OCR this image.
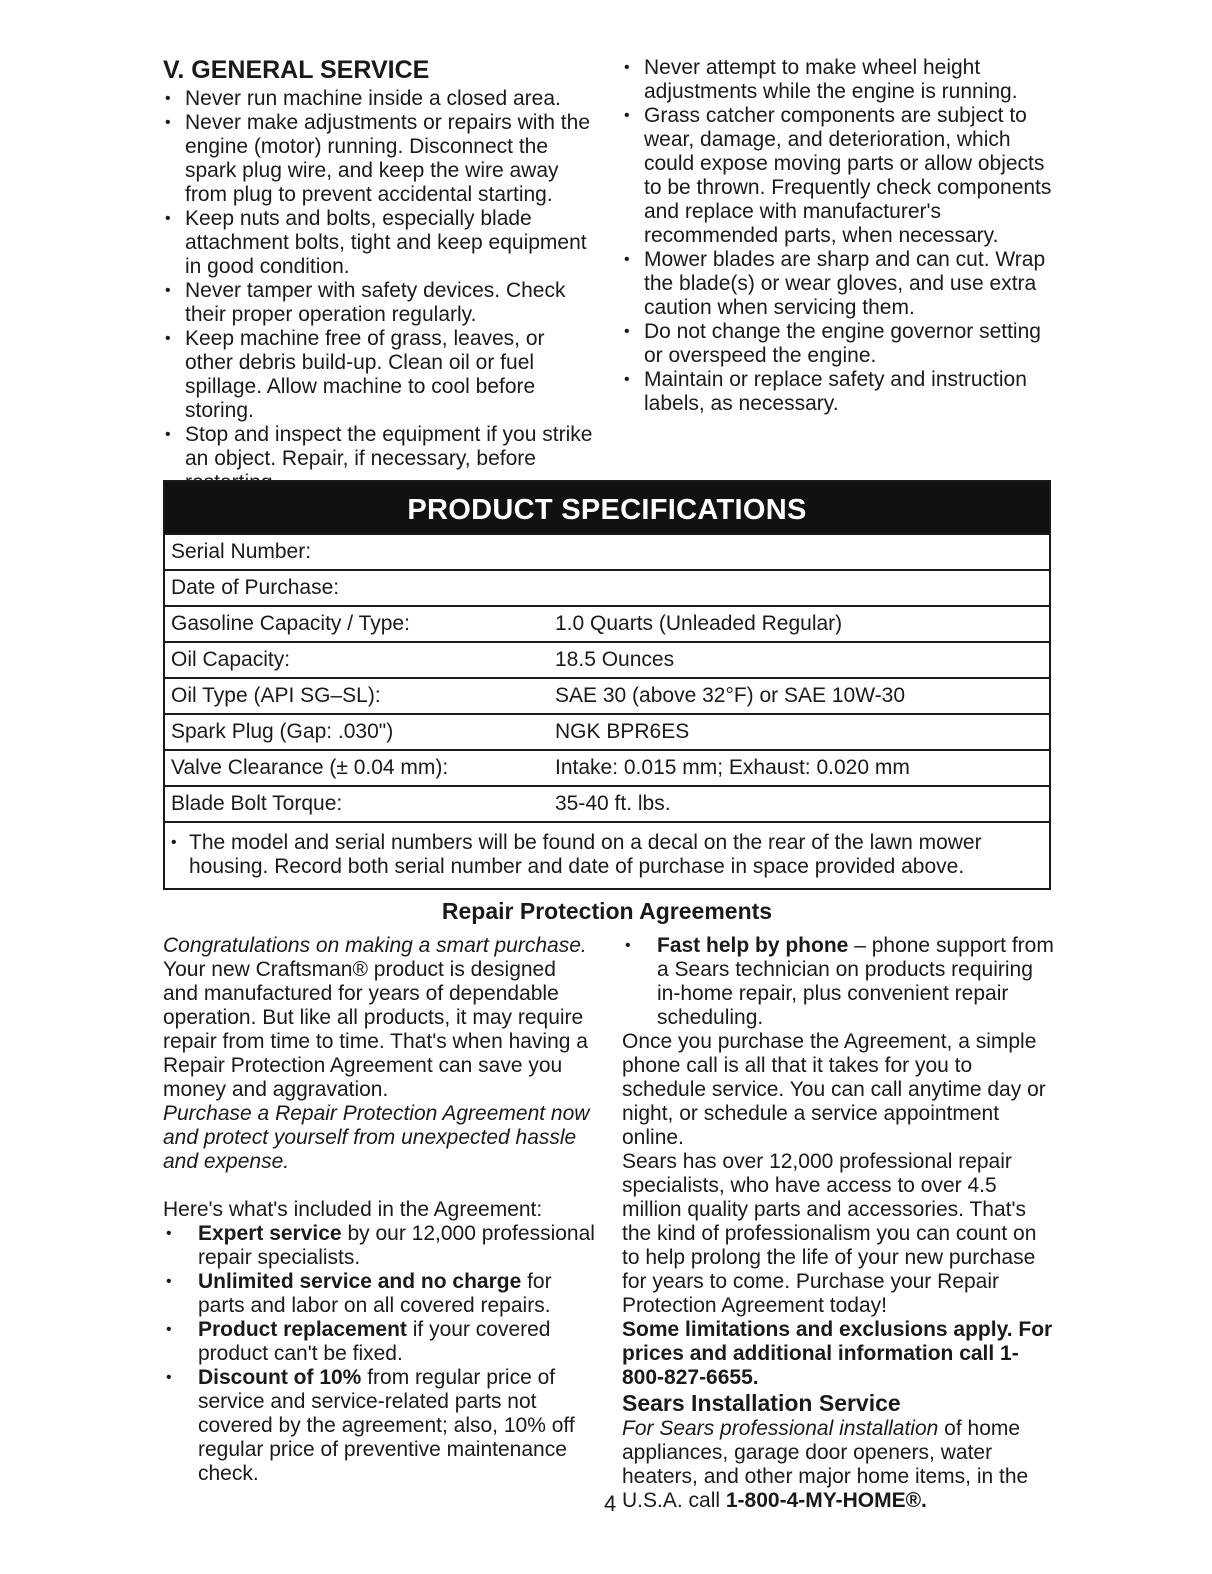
V. GENERAL SERVICE
• Never run machine inside a closed area.
• Never make adjustments or repairs with the engine (motor) running. Disconnect the spark plug wire, and keep the wire away from plug to prevent accidental starting.
• Keep nuts and bolts, especially blade attachment bolts, tight and keep equipment in good condition.
• Never tamper with safety devices. Check their proper operation regularly.
• Keep machine free of grass, leaves, or other debris build-up. Clean oil or fuel spillage. Allow machine to cool before storing.
• Stop and inspect the equipment if you strike an object. Repair, if necessary, before
• Never attempt to make wheel height adjustments while the engine is running.
• Grass catcher components are subject to wear, damage, and deterioration, which could expose moving parts or allow objects to be thrown. Frequently check components and replace with manufacturer's recommended parts, when necessary.
• Mower blades are sharp and can cut. Wrap the blade(s) or wear gloves, and use extra caution when servicing them.
• Do not change the engine governor setting or overspeed the engine.
• Maintain or replace safety and instruction labels, as necessary.
PRODUCT SPECIFICATIONS
Serial Number:
Date of Purchase:
Gasoline Capacity / Type:	1.0 Quarts (Unleaded Regular)
Oil Capacity:	18.5 Ounces
Oil Type (API SG–SL):	SAE 30 (above 32°F) or SAE 10W-30
Spark Plug (Gap: .030")	NGK BPR6ES
Valve Clearance (± 0.04 mm):	Intake: 0.015 mm; Exhaust: 0.020 mm
Blade Bolt Torque:	35-40 ft. lbs.
• The model and serial numbers will be found on a decal on the rear of the lawn mower housing. Record both serial number and date of purchase in space provided above.
Repair Protection Agreements

Congratulations on making a smart purchase. Your new Craftsman® product is designed and manufactured for years of dependable operation. But like all products, it may require repair from time to time. That's when having a Repair Protection Agreement can save you money and aggravation.

Purchase a Repair Protection Agreement now and protect yourself from unexpected hassle and expense.

Here's what's included in the Agreement:

• Expert service by our 12,000 professional repair specialists.
• Unlimited service and no charge for parts and labor on all covered repairs.
• Product replacement if your covered product can't be fixed.
• Discount of 10% from regular price of service and service-related parts not covered by the agreement; also, 10% off regular price of preventive maintenance check.
• Fast help by phone – phone support from a Sears technician on products requiring in-home repair, plus convenient repair scheduling.

Once you purchase the Agreement, a simple phone call is all that it takes for you to schedule service. You can call anytime day or night, or schedule a service appointment online.

Sears has over 12,000 professional repair specialists, who have access to over 4.5 million quality parts and accessories. That's the kind of professionalism you can count on to help prolong the life of your new purchase for years to come. Purchase your Repair Protection Agreement today!

Some limitations and exclusions apply. For prices and additional information call 1-800-827-6655.

Sears Installation Service

For Sears professional installation of home appliances, garage door openers, water heaters, and other major home items, in the U.S.A. call 1-800-4-MY-HOME®.

4
